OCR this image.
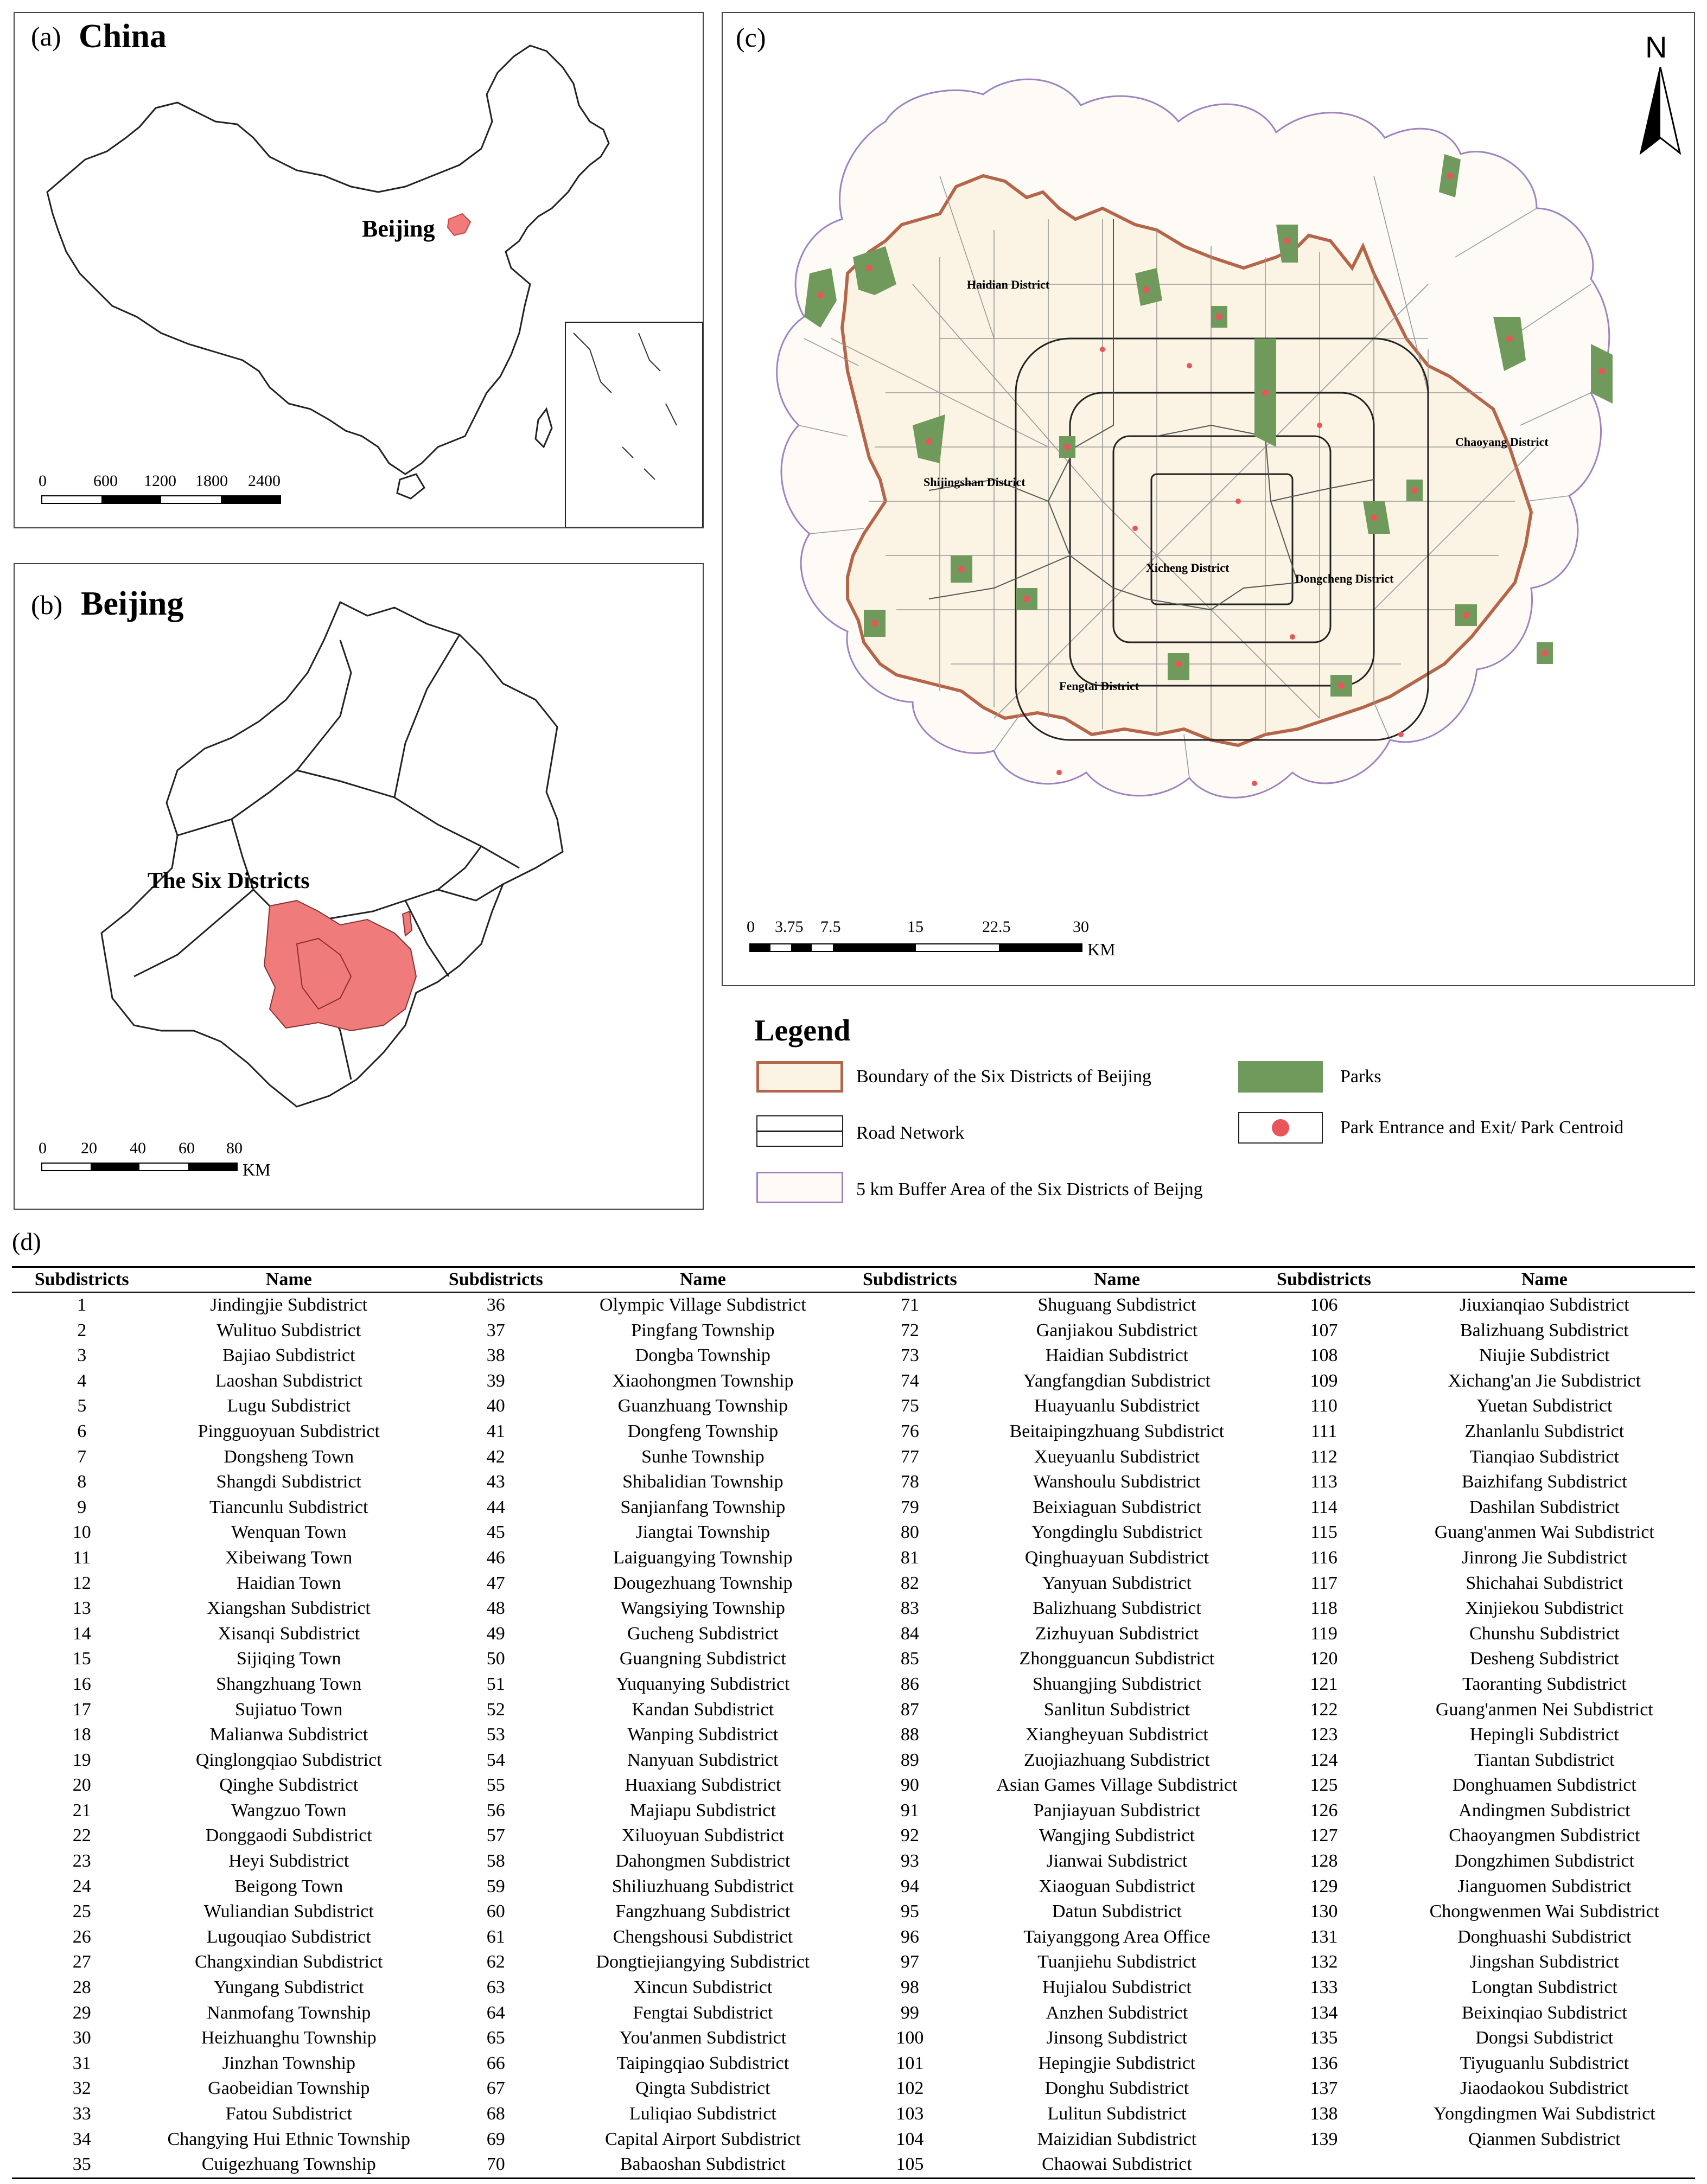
(a) China
Beijing
0	600 1200 1800 2400
(b) Beijing
The Six Districts
0 20 40 60 80
KM
(c)	N
Haidian District
Shijingshan District
Xicheng District
Dongcheng District
Fengtai District
Chaoyang District
0 3.75 7.5	15	22.5	30
KM
Legend
Boundary of the Six Districts of Beijing
Road Network
5 km Buffer Area of the Six Districts of Beijng
Parks
Park Entrance and Exit/ Park Centroid
(d)
Subdistricts	Name	Subdistricts	Name	Subdistricts	Name	Subdistricts	Name
1	Jindingjie Subdistrict	36	Olympic Village Subdistrict	71	Shuguang Subdistrict	106	Jiuxianqiao Subdistrict
2	Wulituo Subdistrict	37	Pingfang Township	72	Ganjiakou Subdistrict	107	Balizhuang Subdistrict
3	Bajiao Subdistrict	38	Dongba Township	73	Haidian Subdistrict	108	Niujie Subdistrict
4	Laoshan Subdistrict	39	Xiaohongmen Township	74	Yangfangdian Subdistrict	109	Xichang'an Jie Subdistrict
5	Lugu Subdistrict	40	Guanzhuang Township	75	Huayuanlu Subdistrict	110	Yuetan Subdistrict
6	Pingguoyuan Subdistrict	41	Dongfeng Township	76	Beitaipingzhuang Subdistrict	111	Zhanlanlu Subdistrict
7	Dongsheng Town	42	Sunhe Township	77	Xueyuanlu Subdistrict	112	Tianqiao Subdistrict
8	Shangdi Subdistrict	43	Shibalidian Township	78	Wanshoulu Subdistrict	113	Baizhifang Subdistrict
9	Tiancunlu Subdistrict	44	Sanjianfang Township	79	Beixiaguan Subdistrict	114	Dashilan Subdistrict
10	Wenquan Town	45	Jiangtai Township	80	Yongdinglu Subdistrict	115	Guang'anmen Wai Subdistrict
11	Xibeiwang Town	46	Laiguangying Township	81	Qinghuayuan Subdistrict	116	Jinrong Jie Subdistrict
12	Haidian Town	47	Dougezhuang Township	82	Yanyuan Subdistrict	117	Shichahai Subdistrict
13	Xiangshan Subdistrict	48	Wangsiying Township	83	Balizhuang Subdistrict	118	Xinjiekou Subdistrict
14	Xisanqi Subdistrict	49	Gucheng Subdistrict	84	Zizhuyuan Subdistrict	119	Chunshu Subdistrict
15	Sijiqing Town	50	Guangning Subdistrict	85	Zhongguancun Subdistrict	120	Desheng Subdistrict
16	Shangzhuang Town	51	Yuquanying Subdistrict	86	Shuangjing Subdistrict	121	Taoranting Subdistrict
17	Sujiatuo Town	52	Kandan Subdistrict	87	Sanlitun Subdistrict	122	Guang'anmen Nei Subdistrict
18	Malianwa Subdistrict	53	Wanping Subdistrict	88	Xiangheyuan Subdistrict	123	Hepingli Subdistrict
19	Qinglongqiao Subdistrict	54	Nanyuan Subdistrict	89	Zuojiazhuang Subdistrict	124	Tiantan Subdistrict
20	Qinghe Subdistrict	55	Huaxiang Subdistrict	90	Asian Games Village Subdistrict	125	Donghuamen Subdistrict
21	Wangzuo Town	56	Majiapu Subdistrict	91	Panjiayuan Subdistrict	126	Andingmen Subdistrict
22	Donggaodi Subdistrict	57	Xiluoyuan Subdistrict	92	Wangjing Subdistrict	127	Chaoyangmen Subdistrict
23	Heyi Subdistrict	58	Dahongmen Subdistrict	93	Jianwai Subdistrict	128	Dongzhimen Subdistrict
24	Beigong Town	59	Shiliuzhuang Subdistrict	94	Xiaoguan Subdistrict	129	Jianguomen Subdistrict
25	Wuliandian Subdistrict	60	Fangzhuang Subdistrict	95	Datun Subdistrict	130	Chongwenmen Wai Subdistrict
26	Lugouqiao Subdistrict	61	Chengshousi Subdistrict	96	Taiyanggong Area Office	131	Donghuashi Subdistrict
27	Changxindian Subdistrict	62	Dongtiejiangying Subdistrict	97	Tuanjiehu Subdistrict	132	Jingshan Subdistrict
28	Yungang Subdistrict	63	Xincun Subdistrict	98	Hujialou Subdistrict	133	Longtan Subdistrict
29	Nanmofang Township	64	Fengtai Subdistrict	99	Anzhen Subdistrict	134	Beixinqiao Subdistrict
30	Heizhuanghu Township	65	You'anmen Subdistrict	100	Jinsong Subdistrict	135	Dongsi Subdistrict
31	Jinzhan Township	66	Taipingqiao Subdistrict	101	Hepingjie Subdistrict	136	Tiyuguanlu Subdistrict
32	Gaobeidian Township	67	Qingta Subdistrict	102	Donghu Subdistrict	137	Jiaodaokou Subdistrict
33	Fatou Subdistrict	68	Luliqiao Subdistrict	103	Lulitun Subdistrict	138	Yongdingmen Wai Subdistrict
34	Changying Hui Ethnic Township	69	Capital Airport Subdistrict	104	Maizidian Subdistrict	139	Qianmen Subdistrict
35	Cuigezhuang Township	70	Babaoshan Subdistrict	105	Chaowai Subdistrict		
